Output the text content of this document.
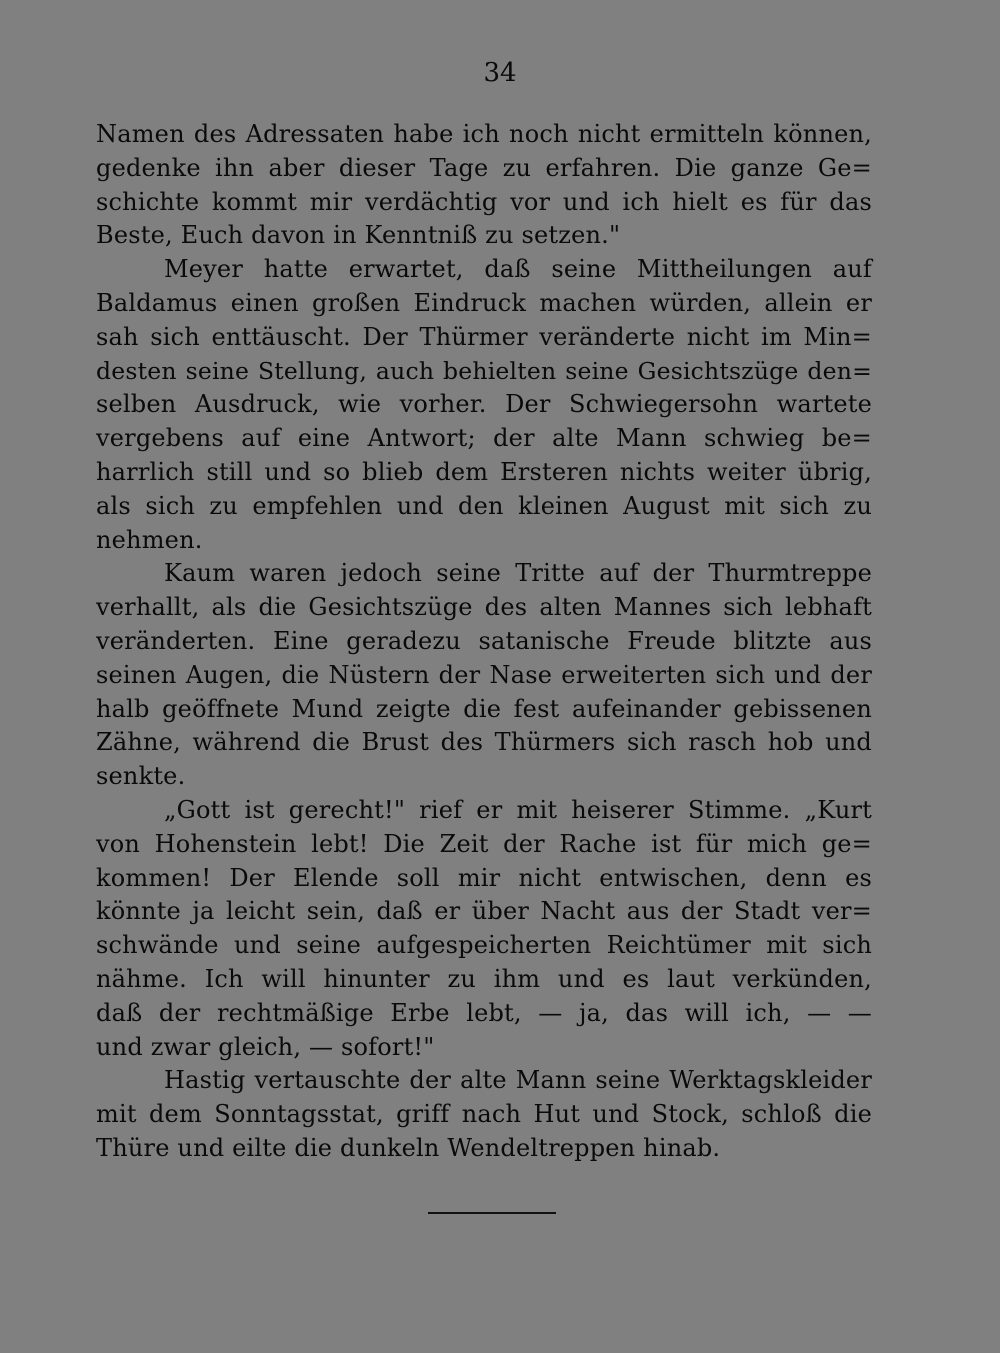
34
Namen des Adressaten habe ich noch nicht ermitteln können,
gedenke ihn aber dieser Tage zu erfahren. Die ganze Ge=
schichte kommt mir verdächtig vor und ich hielt es für das
Beste, Euch davon in Kenntniß zu setzen."
Meyer hatte erwartet, daß seine Mittheilungen auf
Baldamus einen großen Eindruck machen würden, allein er
sah sich enttäuscht. Der Thürmer veränderte nicht im Min=
desten seine Stellung, auch behielten seine Gesichtszüge den=
selben Ausdruck, wie vorher. Der Schwiegersohn wartete
vergebens auf eine Antwort; der alte Mann schwieg be=
harrlich still und so blieb dem Ersteren nichts weiter übrig,
als sich zu empfehlen und den kleinen August mit sich zu
nehmen.
Kaum waren jedoch seine Tritte auf der Thurmtreppe
verhallt, als die Gesichtszüge des alten Mannes sich lebhaft
veränderten. Eine geradezu satanische Freude blitzte aus
seinen Augen, die Nüstern der Nase erweiterten sich und der
halb geöffnete Mund zeigte die fest aufeinander gebissenen
Zähne, während die Brust des Thürmers sich rasch hob und
senkte.
„Gott ist gerecht!" rief er mit heiserer Stimme. „Kurt
von Hohenstein lebt! Die Zeit der Rache ist für mich ge=
kommen! Der Elende soll mir nicht entwischen, denn es
könnte ja leicht sein, daß er über Nacht aus der Stadt ver=
schwände und seine aufgespeicherten Reichtümer mit sich
nähme. Ich will hinunter zu ihm und es laut verkünden,
daß der rechtmäßige Erbe lebt, — ja, das will ich, — —
und zwar gleich, — sofort!"
Hastig vertauschte der alte Mann seine Werktagskleider
mit dem Sonntagsstat, griff nach Hut und Stock, schloß die
Thüre und eilte die dunkeln Wendeltreppen hinab.
